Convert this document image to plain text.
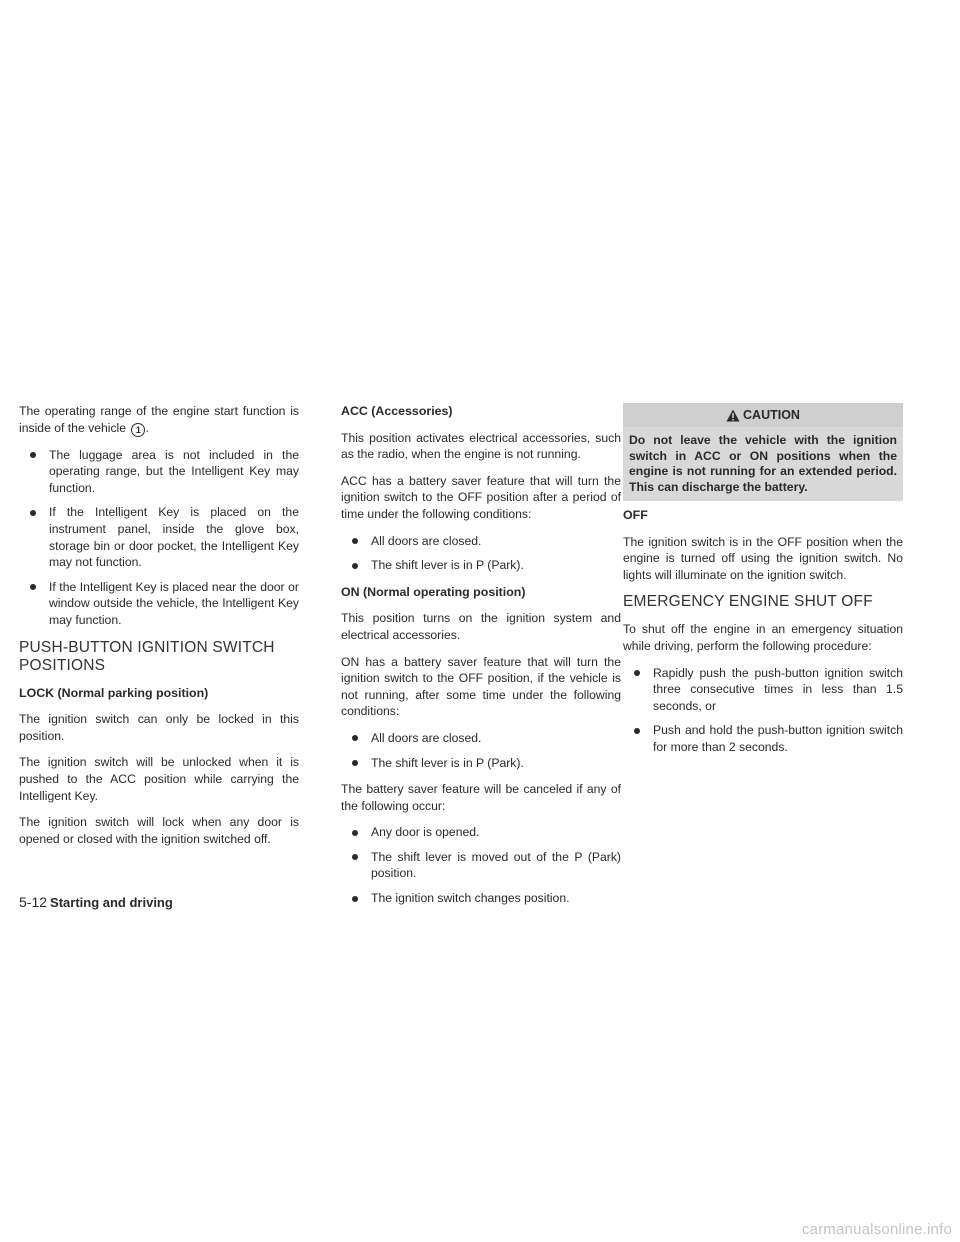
The operating range of the engine start function is inside of the vehicle 1 .

The luggage area is not included in the operating range, but the Intelligent Key may function.
If the Intelligent Key is placed on the instrument panel, inside the glove box, storage bin or door pocket, the Intelligent Key may not function.
If the Intelligent Key is placed near the door or window outside the vehicle, the Intelligent Key may function.
PUSH-BUTTON IGNITION SWITCH POSITIONS
LOCK (Normal parking position)

The ignition switch can only be locked in this position.

The ignition switch will be unlocked when it is pushed to the ACC position while carrying the Intelligent Key.

The ignition switch will lock when any door is opened or closed with the ignition switched off.

ACC (Accessories)

This position activates electrical accessories, such as the radio, when the engine is not running.

ACC has a battery saver feature that will turn the ignition switch to the OFF position after a period of time under the following conditions:

All doors are closed.
The shift lever is in P (Park).
ON (Normal operating position)

This position turns on the ignition system and electrical accessories.

ON has a battery saver feature that will turn the ignition switch to the OFF position, if the vehicle is not running, after some time under the following conditions:

All doors are closed.
The shift lever is in P (Park).

The battery saver feature will be canceled if any of the following occur:

Any door is opened.
The shift lever is moved out of the P (Park) position.
The ignition switch changes position.
CAUTION
Do not leave the vehicle with the ignition switch in ACC or ON positions when the engine is not running for an extended period. This can discharge the battery.
OFF

The ignition switch is in the OFF position when the engine is turned off using the ignition switch. No lights will illuminate on the ignition switch.

EMERGENCY ENGINE SHUT OFF

To shut off the engine in an emergency situation while driving, perform the following procedure:

Rapidly push the push-button ignition switch three consecutive times in less than 1.5 seconds, or
Push and hold the push-button ignition switch for more than 2 seconds.
5-12 Starting and driving
carmanualsonline.info
